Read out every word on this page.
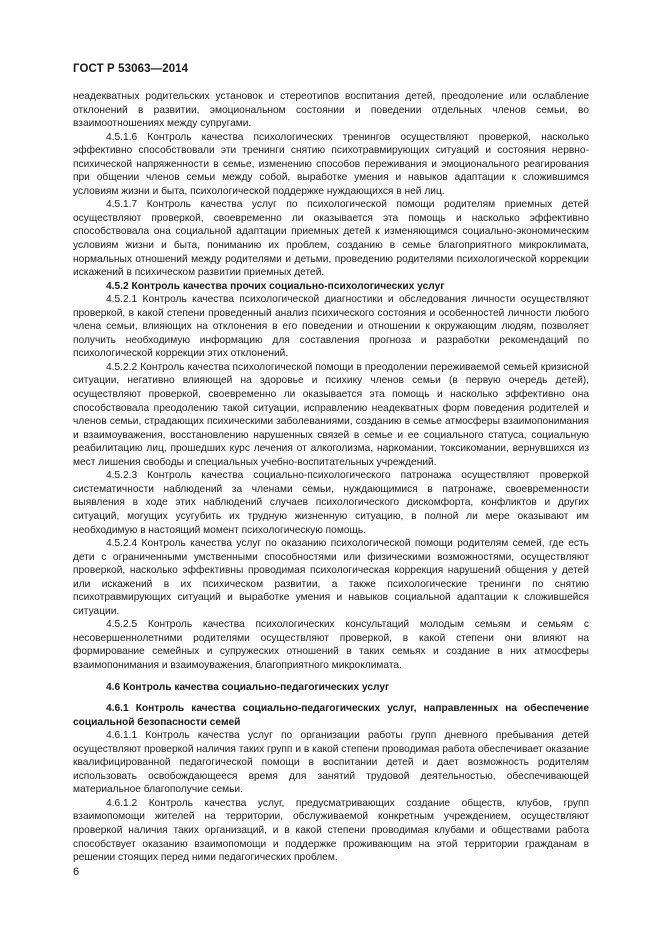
ГОСТ Р 53063—2014

неадекватных родительских установок и стереотипов воспитания детей, преодоление или ослабление отклонений в развитии, эмоциональном состоянии и поведении отдельных членов семьи, во взаимоотношениях между супругами.

4.5.1.6 Контроль качества психологических тренингов осуществляют проверкой, насколько эффективно способствовали эти тренинги снятию психотравмирующих ситуаций и состояния нервно-психической напряженности в семье, изменению способов переживания и эмоционального реагирования при общении членов семьи между собой, выработке умения и навыков адаптации к сложившимся условиям жизни и быта, психологической поддержке нуждающихся в ней лиц.

4.5.1.7 Контроль качества услуг по психологической помощи родителям приемных детей осуществляют проверкой, своевременно ли оказывается эта помощь и насколько эффективно способствовала она социальной адаптации приемных детей к изменяющимся социально-экономическим условиям жизни и быта, пониманию их проблем, созданию в семье благоприятного микроклимата, нормальных отношений между родителями и детьми, проведению родителями психологической коррекции искажений в психическом развитии приемных детей.

4.5.2 Контроль качества прочих социально-психологических услуг

4.5.2.1 Контроль качества психологической диагностики и обследования личности осуществляют проверкой, в какой степени проведенный анализ психического состояния и особенностей личности любого члена семьи, влияющих на отклонения в его поведении и отношении к окружающим людям, позволяет получить необходимую информацию для составления прогноза и разработки рекомендаций по психологической коррекции этих отклонений.

4.5.2.2 Контроль качества психологической помощи в преодолении переживаемой семьей кризисной ситуации, негативно влияющей на здоровье и психику членов семьи (в первую очередь детей), осуществляют проверкой, своевременно ли оказывается эта помощь и насколько эффективно она способствовала преодолению такой ситуации, исправлению неадекватных форм поведения родителей и членов семьи, страдающих психическими заболеваниями, созданию в семье атмосферы взаимопонимания и взаимоуважения, восстановлению нарушенных связей в семье и ее социального статуса, социальную реабилитацию лиц, прошедших курс лечения от алкоголизма, наркомании, токсикомании, вернувшихся из мест лишения свободы и специальных учебно-воспитательных учреждений.

4.5.2.3 Контроль качества социально-психологического патронажа осуществляют проверкой систематичности наблюдений за членами семьи, нуждающимися в патронаже, своевременности выявления в ходе этих наблюдений случаев психологического дискомфорта, конфликтов и других ситуаций, могущих усугубить их трудную жизненную ситуацию, в полной ли мере оказывают им необходимую в настоящий момент психологическую помощь.

4.5.2.4 Контроль качества услуг по оказанию психологической помощи родителям семей, где есть дети с ограниченными умственными способностями или физическими возможностями, осуществляют проверкой, насколько эффективны проводимая психологическая коррекция нарушений общения у детей или искажений в их психическом развитии, а также психологические тренинги по снятию психотравмирующих ситуаций и выработке умения и навыков социальной адаптации к сложившейся ситуации.

4.5.2.5 Контроль качества психологических консультаций молодым семьям и семьям с несовершеннолетними родителями осуществляют проверкой, в какой степени они влияют на формирование семейных и супружеских отношений в таких семьях и создание в них атмосферы взаимопонимания и взаимоуважения, благоприятного микроклимата.

4.6 Контроль качества социально-педагогических услуг

4.6.1 Контроль качества социально-педагогических услуг, направленных на обеспечение социальной безопасности семей

4.6.1.1 Контроль качества услуг по организации работы групп дневного пребывания детей осуществляют проверкой наличия таких групп и в какой степени проводимая работа обеспечивает оказание квалифицированной педагогической помощи в воспитании детей и дает возможность родителям использовать освобождающееся время для занятий трудовой деятельностью, обеспечивающей материальное благополучие семьи.

4.6.1.2 Контроль качества услуг, предусматривающих создание обществ, клубов, групп взаимопомощи жителей на территории, обслуживаемой конкретным учреждением, осуществляют проверкой наличия таких организаций, и в какой степени проводимая клубами и обществами работа способствует оказанию взаимопомощи и поддержке проживающим на этой территории гражданам в решении стоящих перед ними педагогических проблем.

6
